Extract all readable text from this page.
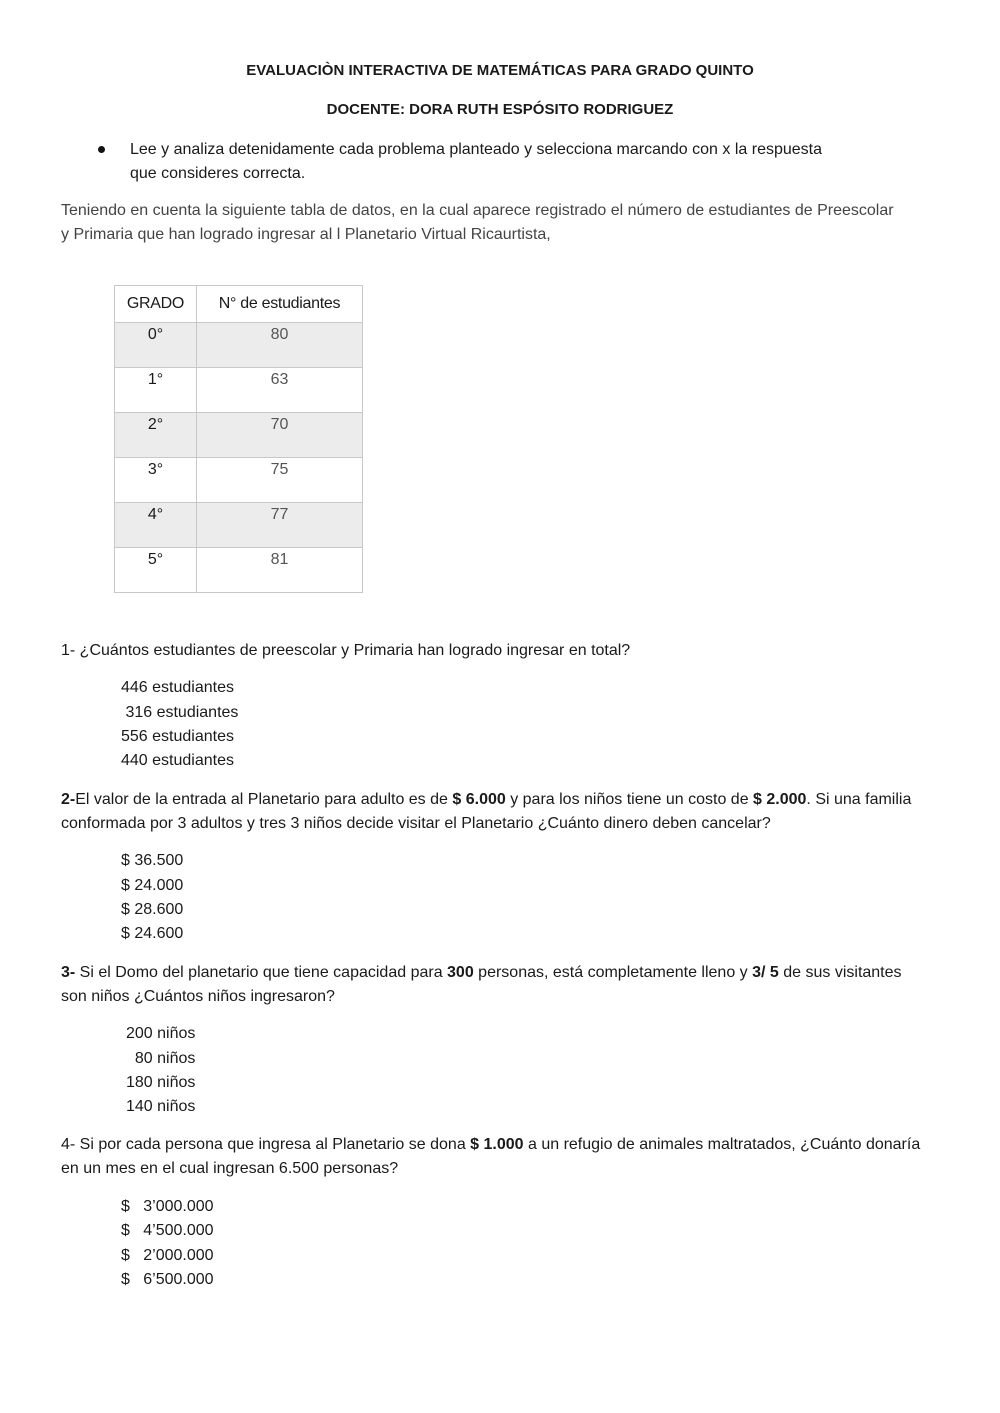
EVALUACIÒN INTERACTIVA DE MATEMÁTICAS PARA GRADO QUINTO
DOCENTE: DORA RUTH ESPÓSITO RODRIGUEZ
Lee y analiza detenidamente cada problema planteado y selecciona marcando con x la respuesta
que consideres correcta.
Teniendo en cuenta la siguiente tabla de datos, en la cual aparece registrado el número de estudiantes de Preescolar
y Primaria que han logrado ingresar al l Planetario Virtual Ricaurtista,
GRADO	N° de estudiantes
0°	80
1°	63
2°	70
3°	75
4°	77
5°	81
1- ¿Cuántos estudiantes de preescolar y Primaria han logrado ingresar en total?
446 estudiantes
316 estudiantes
556 estudiantes
440 estudiantes
2-El valor de la entrada al Planetario para adulto es de $ 6.000 y para los niños tiene un costo de $ 2.000. Si una familia
conformada por 3 adultos y tres 3 niños decide visitar el Planetario ¿Cuánto dinero deben cancelar?
$ 36.500
$ 24.000
$ 28.600
$ 24.600
3- Si el Domo del planetario que tiene capacidad para 300 personas, está completamente lleno y 3/ 5 de sus visitantes
son niños ¿Cuántos niños ingresaron?
200 niños
80 niños
180 niños
140 niños
4- Si por cada persona que ingresa al Planetario se dona $ 1.000 a un refugio de animales maltratados, ¿Cuánto donaría
en un mes en el cual ingresan 6.500 personas?
$   3’000.000
$   4’500.000
$   2’000.000
$   6’500.000
